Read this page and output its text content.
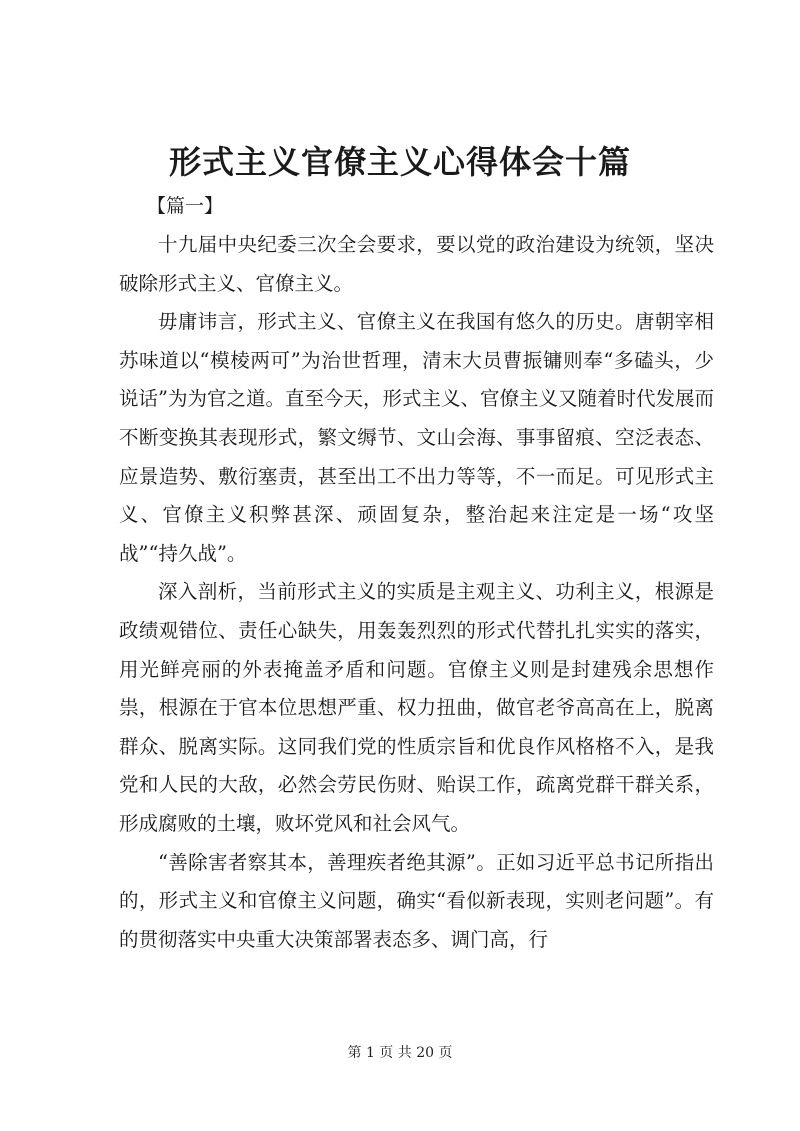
形式主义官僚主义心得体会十篇
【篇一】

十九届中央纪委三次全会要求，要以党的政治建设为统领，坚决破除形式主义、官僚主义。

毋庸讳言，形式主义、官僚主义在我国有悠久的历史。唐朝宰相苏味道以“模棱两可”为治世哲理，清末大员曹振镛则奉“多磕头，少说话”为为官之道。直至今天，形式主义、官僚主义又随着时代发展而不断变换其表现形式，繁文缛节、文山会海、事事留痕、空泛表态、应景造势、敷衍塞责，甚至出工不出力等等，不一而足。可见形式主义、官僚主义积弊甚深、顽固复杂，整治起来注定是一场“攻坚战”“持久战”。

深入剖析，当前形式主义的实质是主观主义、功利主义，根源是政绩观错位、责任心缺失，用轰轰烈烈的形式代替扎扎实实的落实，用光鲜亮丽的外表掩盖矛盾和问题。官僚主义则是封建残余思想作祟，根源在于官本位思想严重、权力扭曲，做官老爷高高在上，脱离群众、脱离实际。这同我们党的性质宗旨和优良作风格格不入，是我党和人民的大敌，必然会劳民伤财、贻误工作，疏离党群干群关系，形成腐败的土壤，败坏党风和社会风气。

“善除害者察其本，善理疾者绝其源”。正如习近平总书记所指出的，形式主义和官僚主义问题，确实“看似新表现，实则老问题”。有的贯彻落实中央重大决策部署表态多、调门高，行

第 1 页 共 20 页
